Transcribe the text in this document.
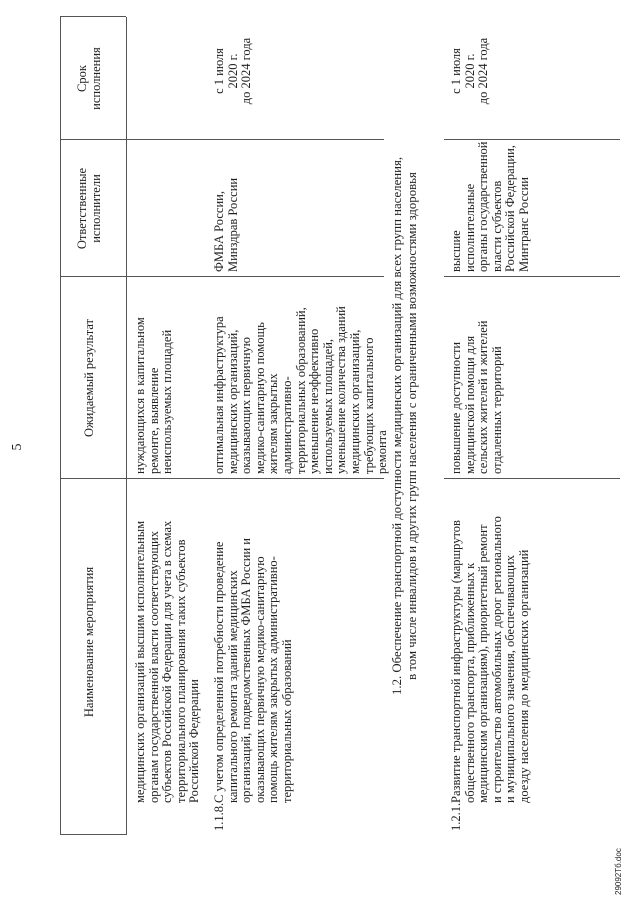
5
Наименование мероприятия
Ожидаемый результат
Ответственные
исполнители
Срок
исполнения
медицинских организаций высшим исполнительным
органам государственной власти соответствующих
субъектов Российской Федерации для учета в схемах
территориального планирования таких субъектов
Российской Федерации
нуждающихся в капитальном
ремонте, выявление
неиспользуемых площадей
1.1.8.
С учетом определенной потребности проведение
капитального ремонта зданий медицинских
организаций, подведомственных ФМБА России и
оказывающих первичную медико-санитарную
помощь жителям закрытых административно-
территориальных образований
оптимальная инфраструктура
медицинских организаций,
оказывающих первичную
медико-санитарную помощь
жителям закрытых
административно-
территориальных образований,
уменьшение неэффективно
используемых площадей,
уменьшение количества зданий
медицинских организаций,
требующих капитального
ремонта
ФМБА России,
Минздрав России
с 1 июля
2020 г.
до 2024 года
1.2. Обеспечение транспортной доступности медицинских организаций для всех групп населения,
в том числе инвалидов и других групп населения с ограниченными возможностями здоровья
1.2.1.
Развитие транспортной инфраструктуры (маршрутов
общественного транспорта, приближенных к
медицинским организациям), приоритетный ремонт
и строительство автомобильных дорог регионального
и муниципального значения, обеспечивающих
доезду населения до медицинских организаций
повышение доступности
медицинской помощи для
сельских жителей и жителей
отдаленных территорий
высшие исполнительные
органы государственной
власти субъектов
Российской Федерации,
Минтранс России
с 1 июля
2020 г.
до 2024 года
29092Тб.doc
